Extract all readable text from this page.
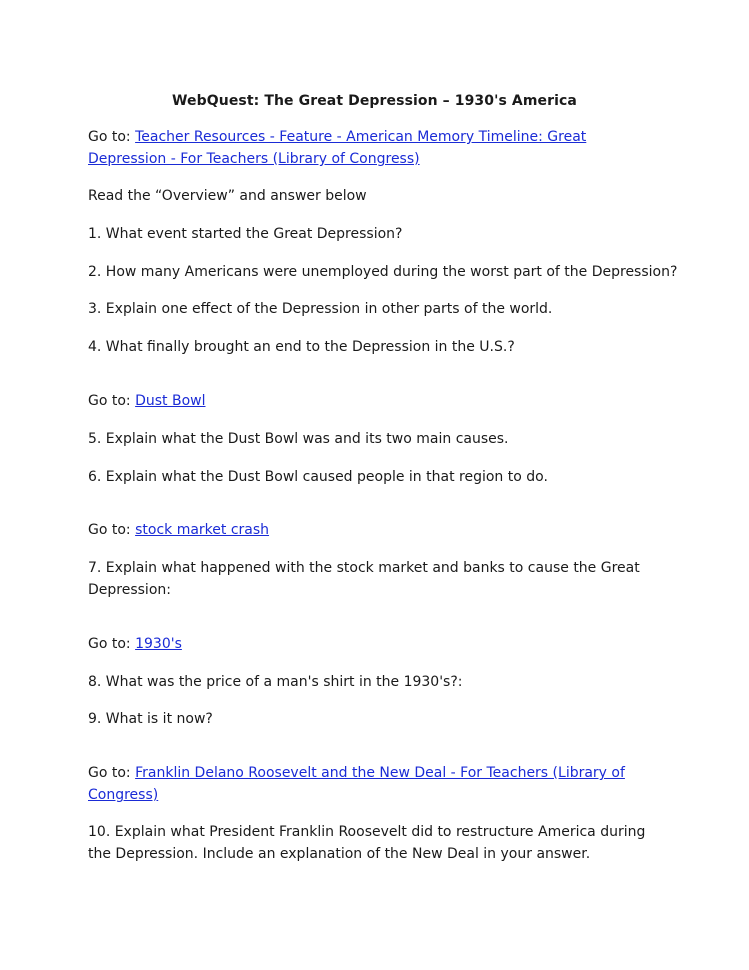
WebQuest: The Great Depression – 1930's America
Go to: Teacher Resources - Feature - American Memory Timeline: Great
Depression - For Teachers (Library of Congress)
Read the “Overview” and answer below
1. What event started the Great Depression?
2. How many Americans were unemployed during the worst part of the Depression?
3. Explain one effect of the Depression in other parts of the world.
4. What finally brought an end to the Depression in the U.S.?
Go to: Dust Bowl
5. Explain what the Dust Bowl was and its two main causes.
6. Explain what the Dust Bowl caused people in that region to do.
Go to: stock market crash
7. Explain what happened with the stock market and banks to cause the Great
Depression:
Go to: 1930's
8. What was the price of a man's shirt in the 1930's?:
9. What is it now?
Go to: Franklin Delano Roosevelt and the New Deal - For Teachers (Library of
Congress)
10. Explain what President Franklin Roosevelt did to restructure America during
the Depression. Include an explanation of the New Deal in your answer.
